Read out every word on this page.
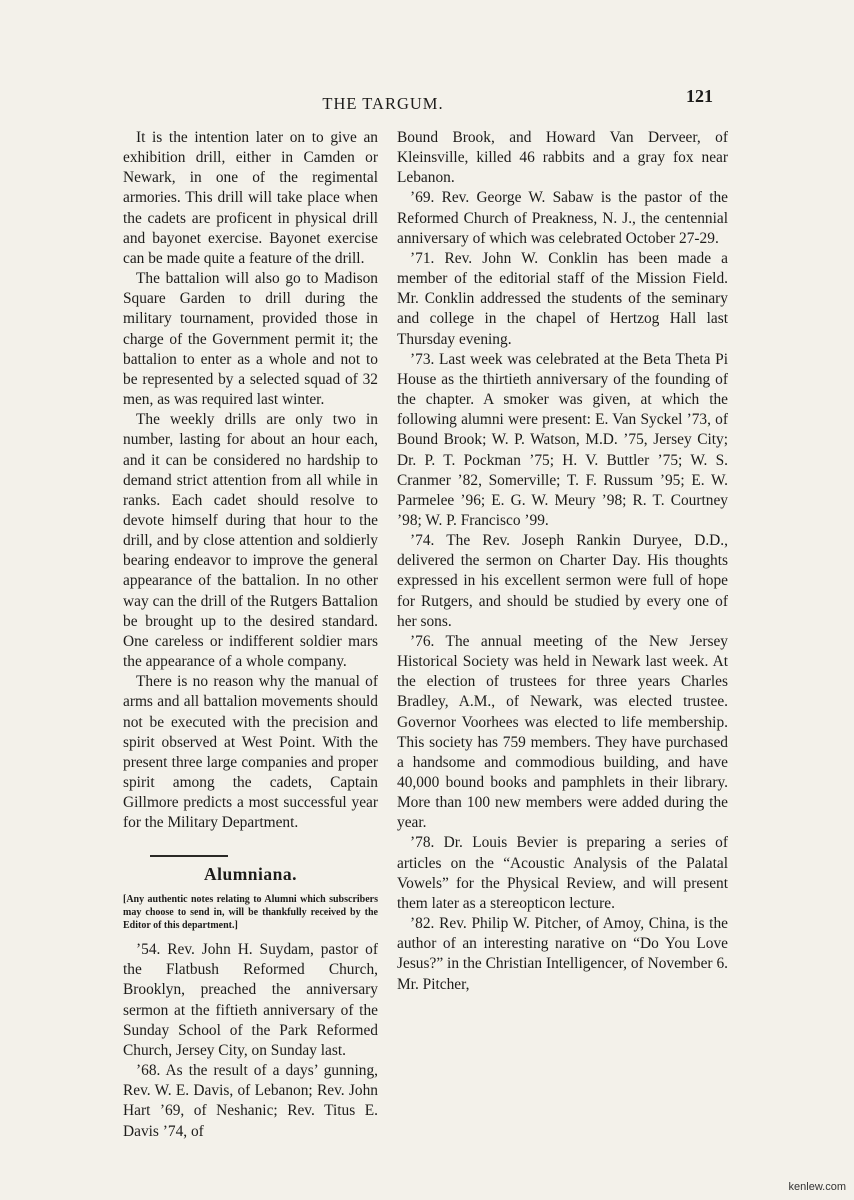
THE TARGUM.	121

It is the intention later on to give an exhibition drill, either in Camden or Newark, in one of the regimental armories. This drill will take place when the cadets are proficent in physical drill and bayonet exercise. Bayonet exercise can be made quite a feature of the drill.

The battalion will also go to Madison Square Garden to drill during the military tournament, provided those in charge of the Government permit it; the battalion to enter as a whole and not to be represented by a selected squad of 32 men, as was required last winter.

The weekly drills are only two in number, lasting for about an hour each, and it can be considered no hardship to demand strict attention from all while in ranks. Each cadet should resolve to devote himself during that hour to the drill, and by close attention and soldierly bearing endeavor to improve the general appearance of the battalion. In no other way can the drill of the Rutgers Battalion be brought up to the desired standard. One careless or indifferent soldier mars the appearance of a whole company.

There is no reason why the manual of arms and all battalion movements should not be executed with the precision and spirit observed at West Point. With the present three large companies and proper spirit among the cadets, Captain Gillmore predicts a most successful year for the Military Department.

Alumniana.

[Any authentic notes relating to Alumni which subscribers may choose to send in, will be thankfully received by the Editor of this department.]

’54. Rev. John H. Suydam, pastor of the Flatbush Reformed Church, Brooklyn, preached the anniversary sermon at the fiftieth anniversary of the Sunday School of the Park Reformed Church, Jersey City, on Sunday last.

’68. As the result of a days’ gunning, Rev. W. E. Davis, of Lebanon; Rev. John Hart ’69, of Neshanic; Rev. Titus E. Davis ’74, of

Bound Brook, and Howard Van Derveer, of Kleinsville, killed 46 rabbits and a gray fox near Lebanon.

’69. Rev. George W. Sabaw is the pastor of the Reformed Church of Preakness, N. J., the centennial anniversary of which was celebrated October 27-29.

’71. Rev. John W. Conklin has been made a member of the editorial staff of the Mission Field. Mr. Conklin addressed the students of the seminary and college in the chapel of Hertzog Hall last Thursday evening.

’73. Last week was celebrated at the Beta Theta Pi House as the thirtieth anniversary of the founding of the chapter. A smoker was given, at which the following alumni were present: E. Van Syckel ’73, of Bound Brook; W. P. Watson, M.D. ’75, Jersey City; Dr. P. T. Pockman ’75; H. V. Buttler ’75; W. S. Cranmer ’82, Somerville; T. F. Russum ’95; E. W. Parmelee ’96; E. G. W. Meury ’98; R. T. Courtney ’98; W. P. Francisco ’99.

’74. The Rev. Joseph Rankin Duryee, D.D., delivered the sermon on Charter Day. His thoughts expressed in his excellent sermon were full of hope for Rutgers, and should be studied by every one of her sons.

’76. The annual meeting of the New Jersey Historical Society was held in Newark last week. At the election of trustees for three years Charles Bradley, A.M., of Newark, was elected trustee. Governor Voorhees was elected to life membership. This society has 759 members. They have purchased a handsome and commodious building, and have 40,000 bound books and pamphlets in their library. More than 100 new members were added during the year.

’78. Dr. Louis Bevier is preparing a series of articles on the “Acoustic Analysis of the Palatal Vowels” for the Physical Review, and will present them later as a stereopticon lecture.

’82. Rev. Philip W. Pitcher, of Amoy, China, is the author of an interesting narative on “Do You Love Jesus?” in the Christian Intelligencer, of November 6. Mr. Pitcher,

kenlew.com
